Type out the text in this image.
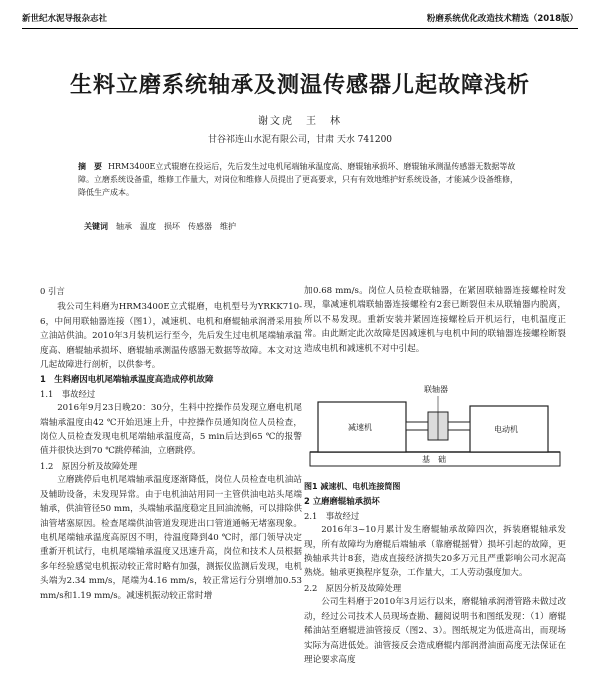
新世纪水泥导报杂志社	粉磨系统优化改造技术精选（2018版）
生料立磨系统轴承及测温传感器儿起故障浅析
谢文虎　王　林
甘谷祁连山水泥有限公司，甘肃 天水 741200
摘　要 HRM3400E立式辊磨在投运后，先后发生过电机尾端轴承温度高、磨辊轴承损坏、磨辊轴承测温传感器无数据等故障。立磨系统设备重，维修工作量大，对岗位和维修人员提出了更高要求，只有有效地维护好系统设备，才能减少设备维修，降低生产成本。
关键词 轴承　温度　损坏　传感器　维护

0 引言

我公司生料磨为HRM3400E立式辊磨，电机型号为YRKK710-6，中间用联轴器连接（图1），减速机、电机和磨辊轴承润滑采用独立油站供油。2010年3月装机运行至今，先后发生过电机尾端轴承温度高、磨辊轴承损坏、磨辊轴承测温传感器无数据等故障。本文对这几起故障进行剖析，以供参考。

1　生料磨因电机尾端轴承温度高造成停机故障

1.1　事故经过

2016年9月23日晚20：30分，生料中控操作员发现立磨电机尾端轴承温度由42 ℃开始迅速上升，中控操作员通知岗位人员检查，岗位人员检查发现电机尾端轴承温度高，5 min后达到65 ℃的报警值并很快达到70 ℃跳停稀油，立磨跳停。

1.2　原因分析及故障处理

立磨跳停后电机尾端轴承温度逐渐降低，岗位人员检查电机油站及辅助设备，未发现异常。由于电机油站用同一主管供油电站头尾端轴承，供油管径50 mm，头端轴承温度稳定且回油流畅，可以排除供油管堵塞原因。检查尾端供油管道发现进出口管道通畅无堵塞现象。电机尾端轴承温度高原因不明，待温度降到40 ℃时，部门领导决定重新开机试行，电机尾端轴承温度又迅速升高，岗位和技术人员根据多年经验感觉电机振动较正常时略有加强，测振仪监测后发现，电机头端为2.34 mm/s，尾端为4.16 mm/s，较正常运行分别增加0.53 mm/s和1.19 mm/s。减速机振动较正常时增

加0.68 mm/s。岗位人员检查联轴器，在紧固联轴器连接螺栓时发现，靠减速机端联轴器连接螺栓有2套已断裂但未从联轴器内脱离，所以不易发现。重新安装并紧固连接螺栓后开机运行，电机温度正常。由此断定此次故障是因减速机与电机中间的联轴器连接螺栓断裂造成电机和减速机不对中引起。

减速机	电动机
联轴器
基　础

图1 减速机、电机连接简图

2 立磨磨辊轴承损坏

2.1　事故经过

2016年3~10月累计发生磨辊轴承故障四次，拆装磨辊轴承发现，所有故障均为磨辊后端轴承（靠磨辊摇臂）损坏引起的故障，更换轴承共计8套，造成直接经济损失20多万元且严重影响公司水泥高熟烧。轴承更换程序复杂，工作量大，工人劳动强度加大。

2.2　原因分析及故障处理

公司生料磨于2010年3月运行以来，磨辊轴承润滑管路未做过改动，经过公司技术人员现场查勘、翻阅说明书和图纸发现：（1）磨辊稀油站至磨辊进油管接反（图2、3）。图纸规定为低进高出，而现场实际为高进低处。油管接反会造成磨辊内部润滑油面高度无法保证在理论要求高度
